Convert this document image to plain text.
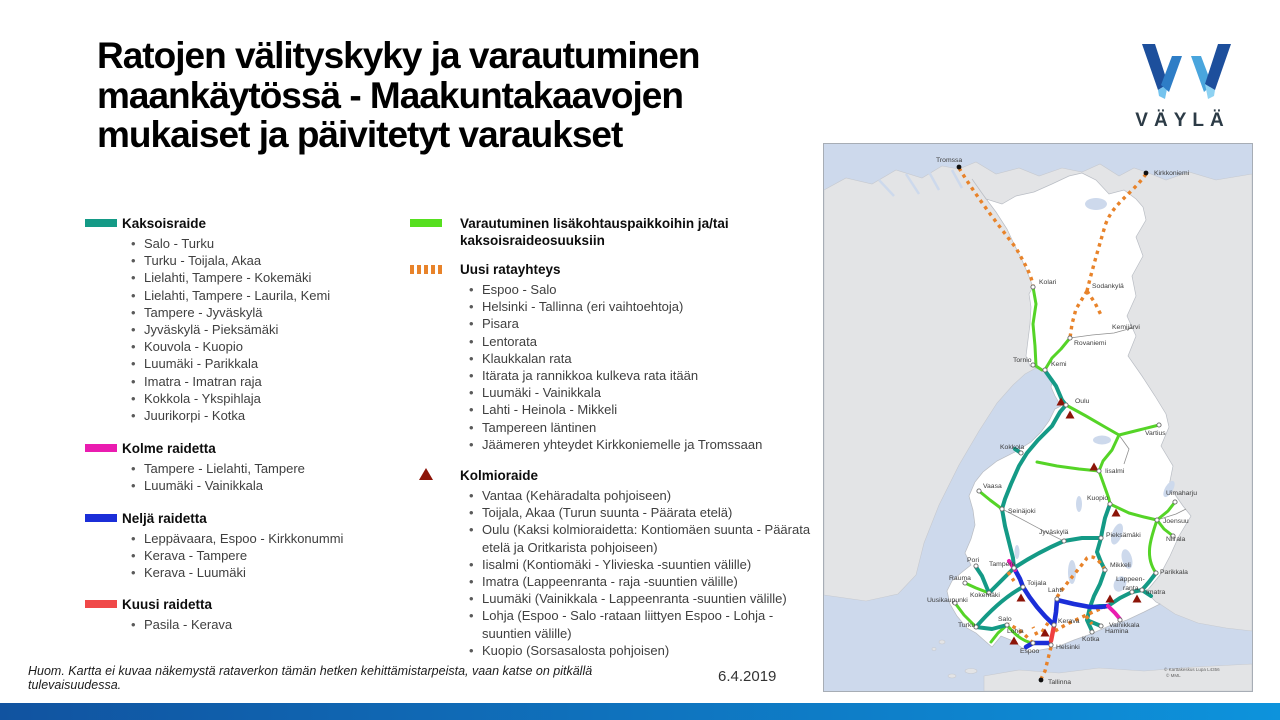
Ratojen välityskyky ja varautuminen
maankäytössä - Maakuntakaavojen
mukaiset ja päivitetyt varaukset	VÄYLÄ
Kaksoisraide
• Salo - Turku
• Turku - Toijala, Akaa
• Lielahti, Tampere - Kokemäki
• Lielahti, Tampere - Laurila, Kemi
• Tampere - Jyväskylä
• Jyväskylä - Pieksämäki
• Kouvola - Kuopio
• Luumäki - Parikkala
• Imatra - Imatran raja
• Kokkola - Ykspihlaja
• Juurikorpi - Kotka
Kolme raidetta
• Tampere - Lielahti, Tampere
• Luumäki - Vainikkala
Neljä raidetta
• Leppävaara, Espoo - Kirkkonummi
• Kerava - Tampere
• Kerava - Luumäki
Kuusi raidetta
• Pasila - Kerava
Varautuminen lisäkohtauspaikkoihin ja/tai kaksoisraideosuuksiin
Uusi ratayhteys
• Espoo - Salo
• Helsinki - Tallinna (eri vaihtoehtoja)
• Pisara
• Lentorata
• Klaukkalan rata
• Itärata ja rannikkoa kulkeva rata itään
• Luumäki - Vainikkala
• Lahti - Heinola - Mikkeli
• Tampereen läntinen
• Jäämeren yhteydet Kirkkoniemelle ja Tromssaan
Kolmioraide
• Vantaa (Kehäradalta pohjoiseen)
• Toijala, Akaa (Turun suunta - Päärata etelä)
• Oulu (Kaksi kolmioraidetta: Kontiomäen suunta - Päärata etelä ja Oritkarista pohjoiseen)
• Iisalmi (Kontiomäki - Ylivieska -suuntien välille)
• Imatra (Lappeenranta - raja -suuntien välille)
• Luumäki (Vainikkala - Lappeenranta -suuntien välille)
• Lohja (Espoo - Salo -rataan liittyen Espoo - Lohja - suuntien välille)
• Kuopio (Sorsasalosta pohjoisen)
© Karttakeskus Lupa L4356
© MML
Tromssa
Kirkkoniemi
Kolari
Sodankylä
Kemijärvi
Rovaniemi
Tornio
Kemi
Oulu
Vartius
Kokkola
Iisalmi
Vaasa
Seinäjoki
Kuopio
Uimaharju
Joensuu
Niirala
Jyväskylä	Pieksämäki
Mikkeli
Pori
Rauma
Uusikaupunki
Kokemäki
Tampere
Toijala
Lahti
Lappeen-
ranta
Imatra
Parikkala
Vainikkala
Kotka
Hamina
Turku
Salo
Lohja
Kerava
Helsinki
Espoo
Tallinna
Huom. Kartta ei kuvaa näkemystä rataverkon tämän hetken kehittämistarpeista, vaan katse on pitkällä tulevaisuudessa.	6.4.2019
